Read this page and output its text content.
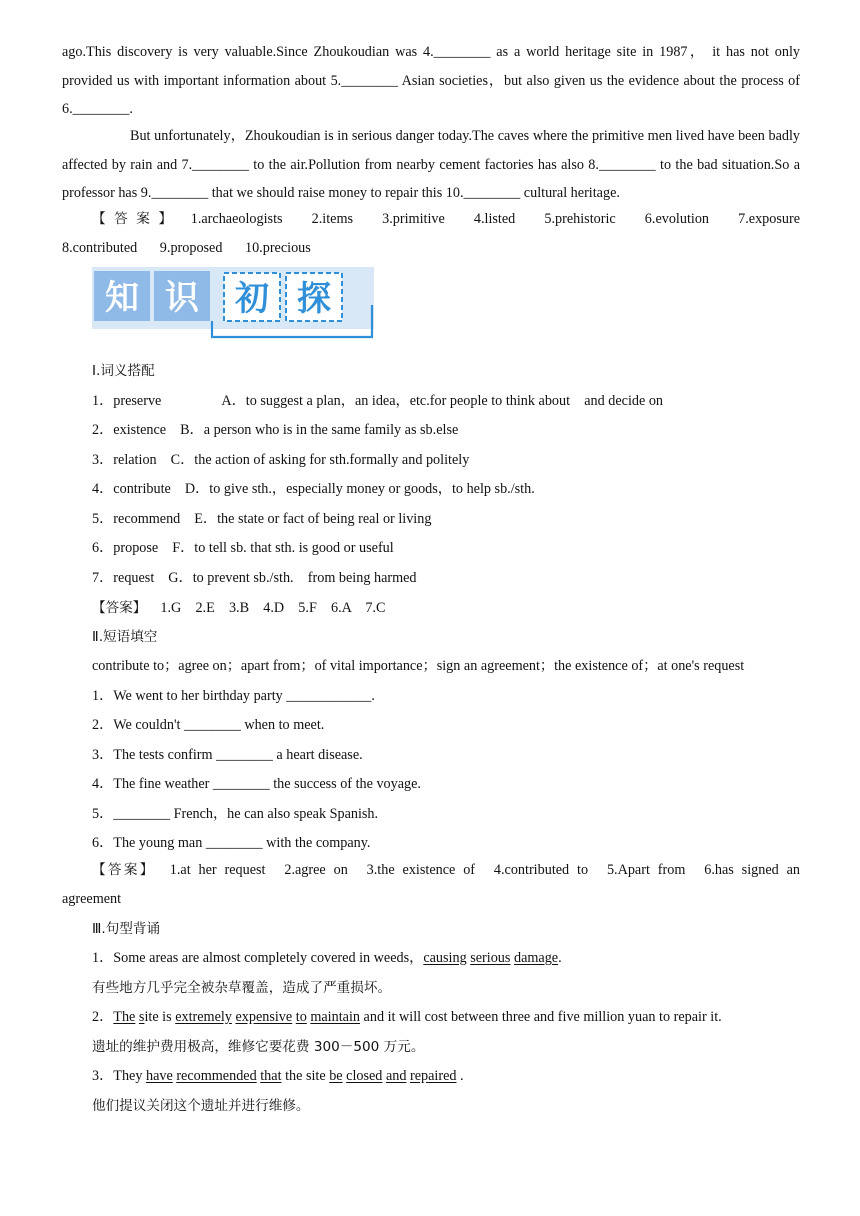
ago.This discovery is very valuable.Since Zhoukoudian was 4.________ as a world heritage site in 1987， it has not only provided us with important information about 5.________ Asian societies，but also given us the evidence about the process of 6.________.
But unfortunately，Zhoukoudian is in serious danger today.The caves where the primitive men lived have been badly affected by rain and 7.________ to the air.Pollution from nearby cement factories has also 8.________ to the bad situation.So a professor has 9.________ that we should raise money to repair this 10.________ cultural heritage.
【答案】 1.archaeologists 2.items 3.primitive 4.listed 5.prehistoric 6.evolution 7.exposure 8.contributed 9.proposed 10.precious
知 识 初 探
Ⅰ.词义搭配
1．preserve	A．to suggest a plan，an idea，etc.for people to think about　and decide on
2．existence B．a person who is in the same family as sb.else
3．relation C．the action of asking for sth.formally and politely
4．contribute D．to give sth.，especially money or goods，to help sb./sth.
5．recommend E．the state or fact of being real or living
6．propose F．to tell sb. that sth. is good or useful
7．request G．to prevent sb./sth.　from being harmed
【答案】 1.G　2.E　3.B　4.D　5.F　6.A　7.C
Ⅱ.短语填空
contribute to；agree on；apart from；of vital importance；sign an agreement；the existence of；at one's request
1．We went to her birthday party ____________.
2．We couldn't ________ when to meet.
3．The tests confirm ________ a heart disease.
4．The fine weather ________ the success of the voyage.
5．________ French，he can also speak Spanish.
6．The young man ________ with the company.
【答案】 1.at her request　2.agree on　3.the existence of　4.contributed to　5.Apart from　6.has signed an agreement
Ⅲ.句型背诵
1．Some areas are almost completely covered in weeds，causing serious damage.
有些地方几乎完全被杂草覆盖，造成了严重损坏。
2．The site is extremely expensive to maintain and it will cost between three and five million yuan to repair it.
遗址的维护费用极高，维修它要花费 300－500 万元。
3．They have recommended that the site be closed and repaired .
他们提议关闭这个遗址并进行维修。
